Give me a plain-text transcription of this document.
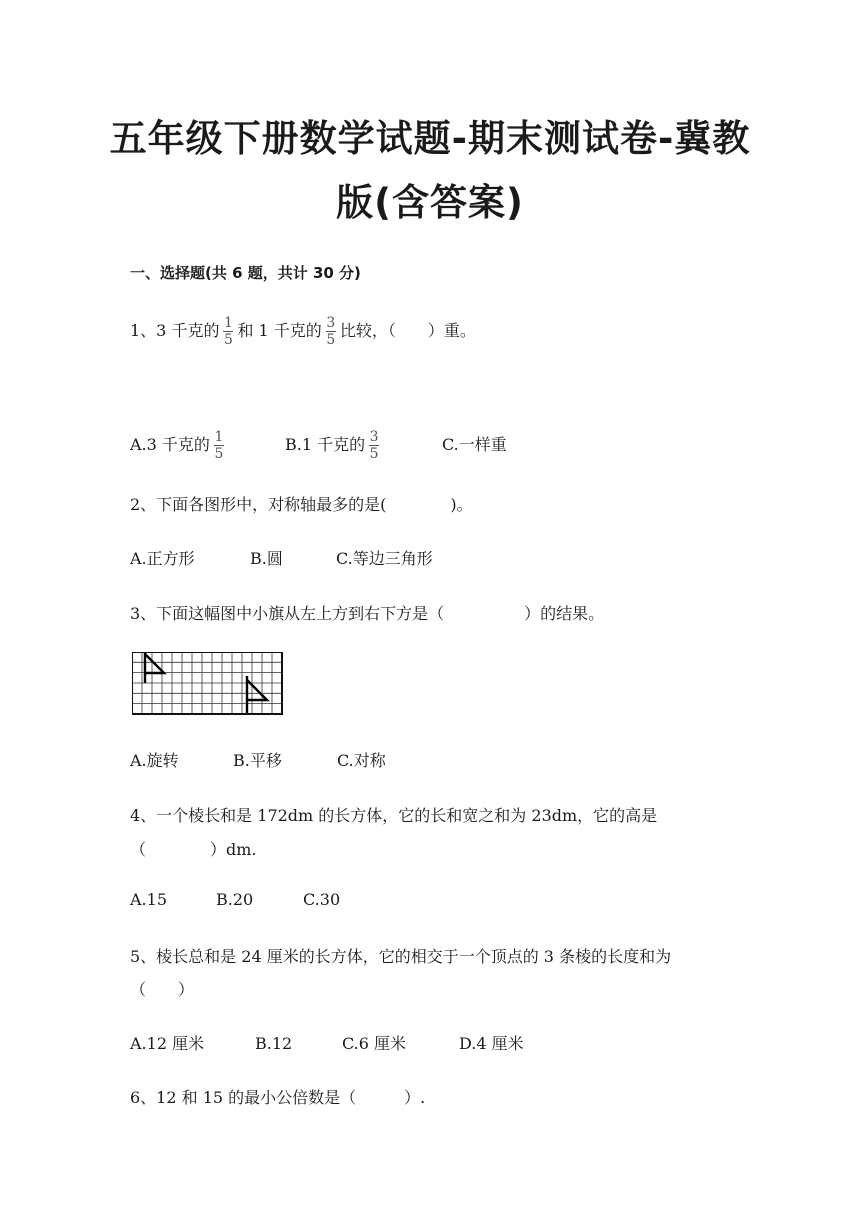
五年级下册数学试题-期末测试卷-冀教
版(含答案)
一、选择题(共 6 题，共计 30 分)
1、3 千克的 $\frac{1}{5}$ 和 1 千克的 $\frac{3}{5}$ 比较，（　　）重。
A.3 千克的 $\frac{1}{5}$	B.1 千克的 $\frac{3}{5}$	C.一样重
2、下面各图形中，对称轴最多的是(　　　　)。
A.正方形	B.圆	C.等边三角形
3、下面这幅图中小旗从左上方到右下方是（　　　　　）的结果。
A.旋转	B.平移	C.对称
4、一个棱长和是 172dm 的长方体，它的长和宽之和为 23dm，它的高是
（　　　　）dm.
A.15	B.20	C.30
5、棱长总和是 24 厘米的长方体，它的相交于一个顶点的 3 条棱的长度和为
（　　）
A.12 厘米	B.12	C.6 厘米	D.4 厘米
6、12 和 15 的最小公倍数是（　　　）.
